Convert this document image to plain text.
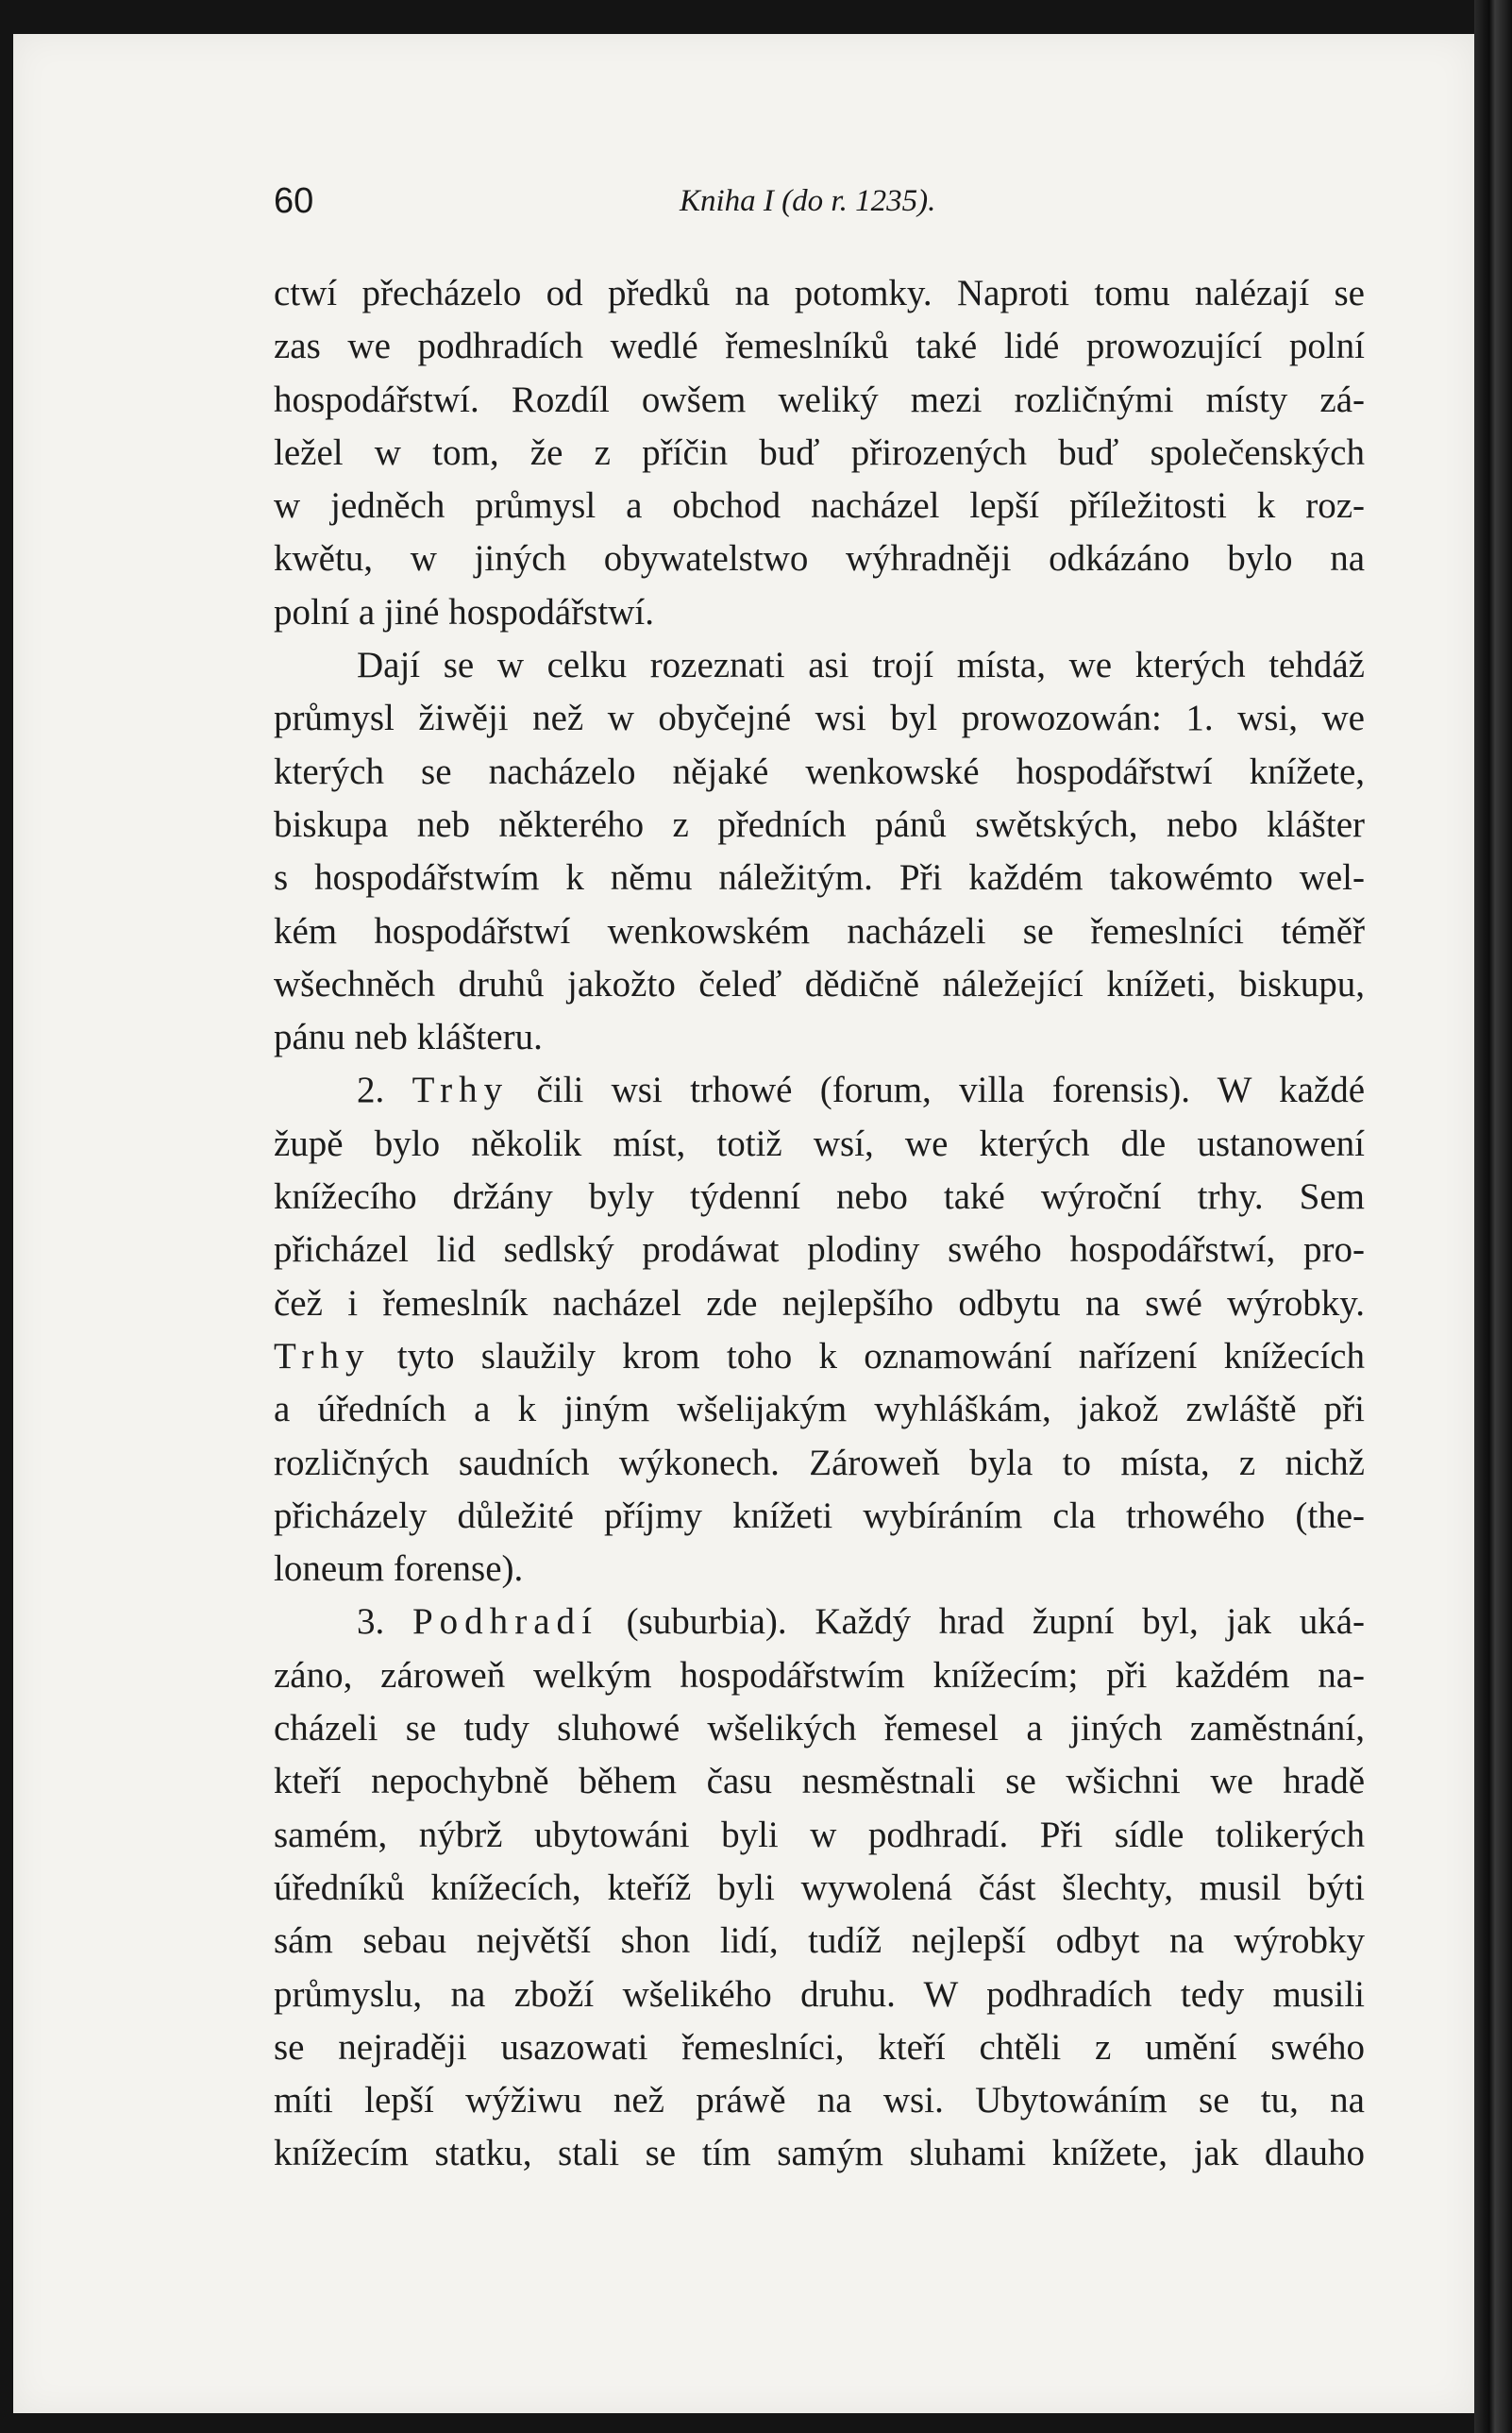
60	Kniha I (do r. 1235).
ctwí přecházelo od předků na potomky. Naproti tomu nalézají se
zas we podhradích wedlé řemeslníků také lidé prowozující polní
hospodářstwí. Rozdíl owšem weliký mezi rozličnými místy zá-
ležel w tom, že z příčin buď přirozených buď společenských
w jedněch průmysl a obchod nacházel lepší příležitosti k roz-
kwětu, w jiných obywatelstwo wýhradněji odkázáno bylo na
polní a jiné hospodářstwí.
Dají se w celku rozeznati asi trojí místa, we kterých tehdáž
průmysl žiwěji než w obyčejné wsi byl prowozowán: 1. wsi, we
kterých se nacházelo nějaké wenkowské hospodářstwí knížete,
biskupa neb některého z předních pánů swětských, nebo klášter
s hospodářstwím k němu náležitým. Při každém takowémto wel-
kém hospodářstwí wenkowském nacházeli se řemeslníci téměř
wšechněch druhů jakožto čeleď dědičně náležející knížeti, biskupu,
pánu neb klášteru.
2. Trhy čili wsi trhowé (forum, villa forensis). W každé
župě bylo několik míst, totiž wsí, we kterých dle ustanowení
knížecího držány byly týdenní nebo také wýroční trhy. Sem
přicházel lid sedlský prodáwat plodiny swého hospodářstwí, pro-
čež i řemeslník nacházel zde nejlepšího odbytu na swé wýrobky.
Trhy tyto slaužily krom toho k oznamowání nařízení knížecích
a úředních a k jiným wšelijakým wyhláškám, jakož zwláště při
rozličných saudních wýkonech. Zároweň byla to místa, z nichž
přicházely důležité příjmy knížeti wybíráním cla trhowého (the-
loneum forense).
3. Podhradí (suburbia). Každý hrad župní byl, jak uká-
záno, zároweň welkým hospodářstwím knížecím; při každém na-
cházeli se tudy sluhowé wšelikých řemesel a jiných zaměstnání,
kteří nepochybně během času nesměstnali se wšichni we hradě
samém, nýbrž ubytowáni byli w podhradí. Při sídle tolikerých
úředníků knížecích, kteříž byli wywolená část šlechty, musil býti
sám sebau největší shon lidí, tudíž nejlepší odbyt na wýrobky
průmyslu, na zboží wšelikého druhu. W podhradích tedy musili
se nejraději usazowati řemeslníci, kteří chtěli z umění swého
míti lepší wýžiwu než práwě na wsi. Ubytowáním se tu, na
knížecím statku, stali se tím samým sluhami knížete, jak dlauho
